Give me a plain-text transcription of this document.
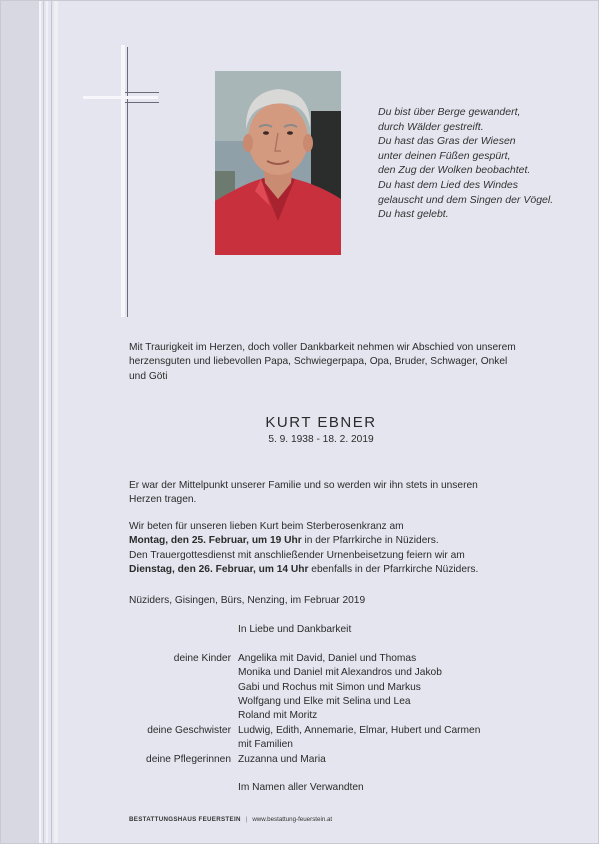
Du bist über Berge gewandert,
durch Wälder gestreift.
Du hast das Gras der Wiesen
unter deinen Füßen gespürt,
den Zug der Wolken beobachtet.
Du hast dem Lied des Windes
gelauscht und dem Singen der Vögel.
Du hast gelebt.
Mit Traurigkeit im Herzen, doch voller Dankbarkeit nehmen wir Abschied von unserem
herzensguten und liebevollen Papa, Schwiegerpapa, Opa, Bruder, Schwager, Onkel
und Göti
KURT EBNER
5. 9. 1938 - 18. 2. 2019
Er war der Mittelpunkt unserer Familie und so werden wir ihn stets in unseren
Herzen tragen.
Wir beten für unseren lieben Kurt beim Sterberosenkranz am
Montag, den 25. Februar, um 19 Uhr in der Pfarrkirche in Nüziders.
Den Trauergottesdienst mit anschließender Urnenbeisetzung feiern wir am
Dienstag, den 26. Februar, um 14 Uhr ebenfalls in der Pfarrkirche Nüziders.
Nüziders, Gisingen, Bürs, Nenzing, im Februar 2019
In Liebe und Dankbarkeit
deine Kinder Angelika mit David, Daniel und Thomas
Monika und Daniel mit Alexandros und Jakob
Gabi und Rochus mit Simon und Markus
Wolfgang und Elke mit Selina und Lea
Roland mit Moritz
deine Geschwister Ludwig, Edith, Annemarie, Elmar, Hubert und Carmen
mit Familien
deine Pflegerinnen Zuzanna und Maria
Im Namen aller Verwandten
BESTATTUNGSHAUS FEUERSTEIN | www.bestattung-feuerstein.at
